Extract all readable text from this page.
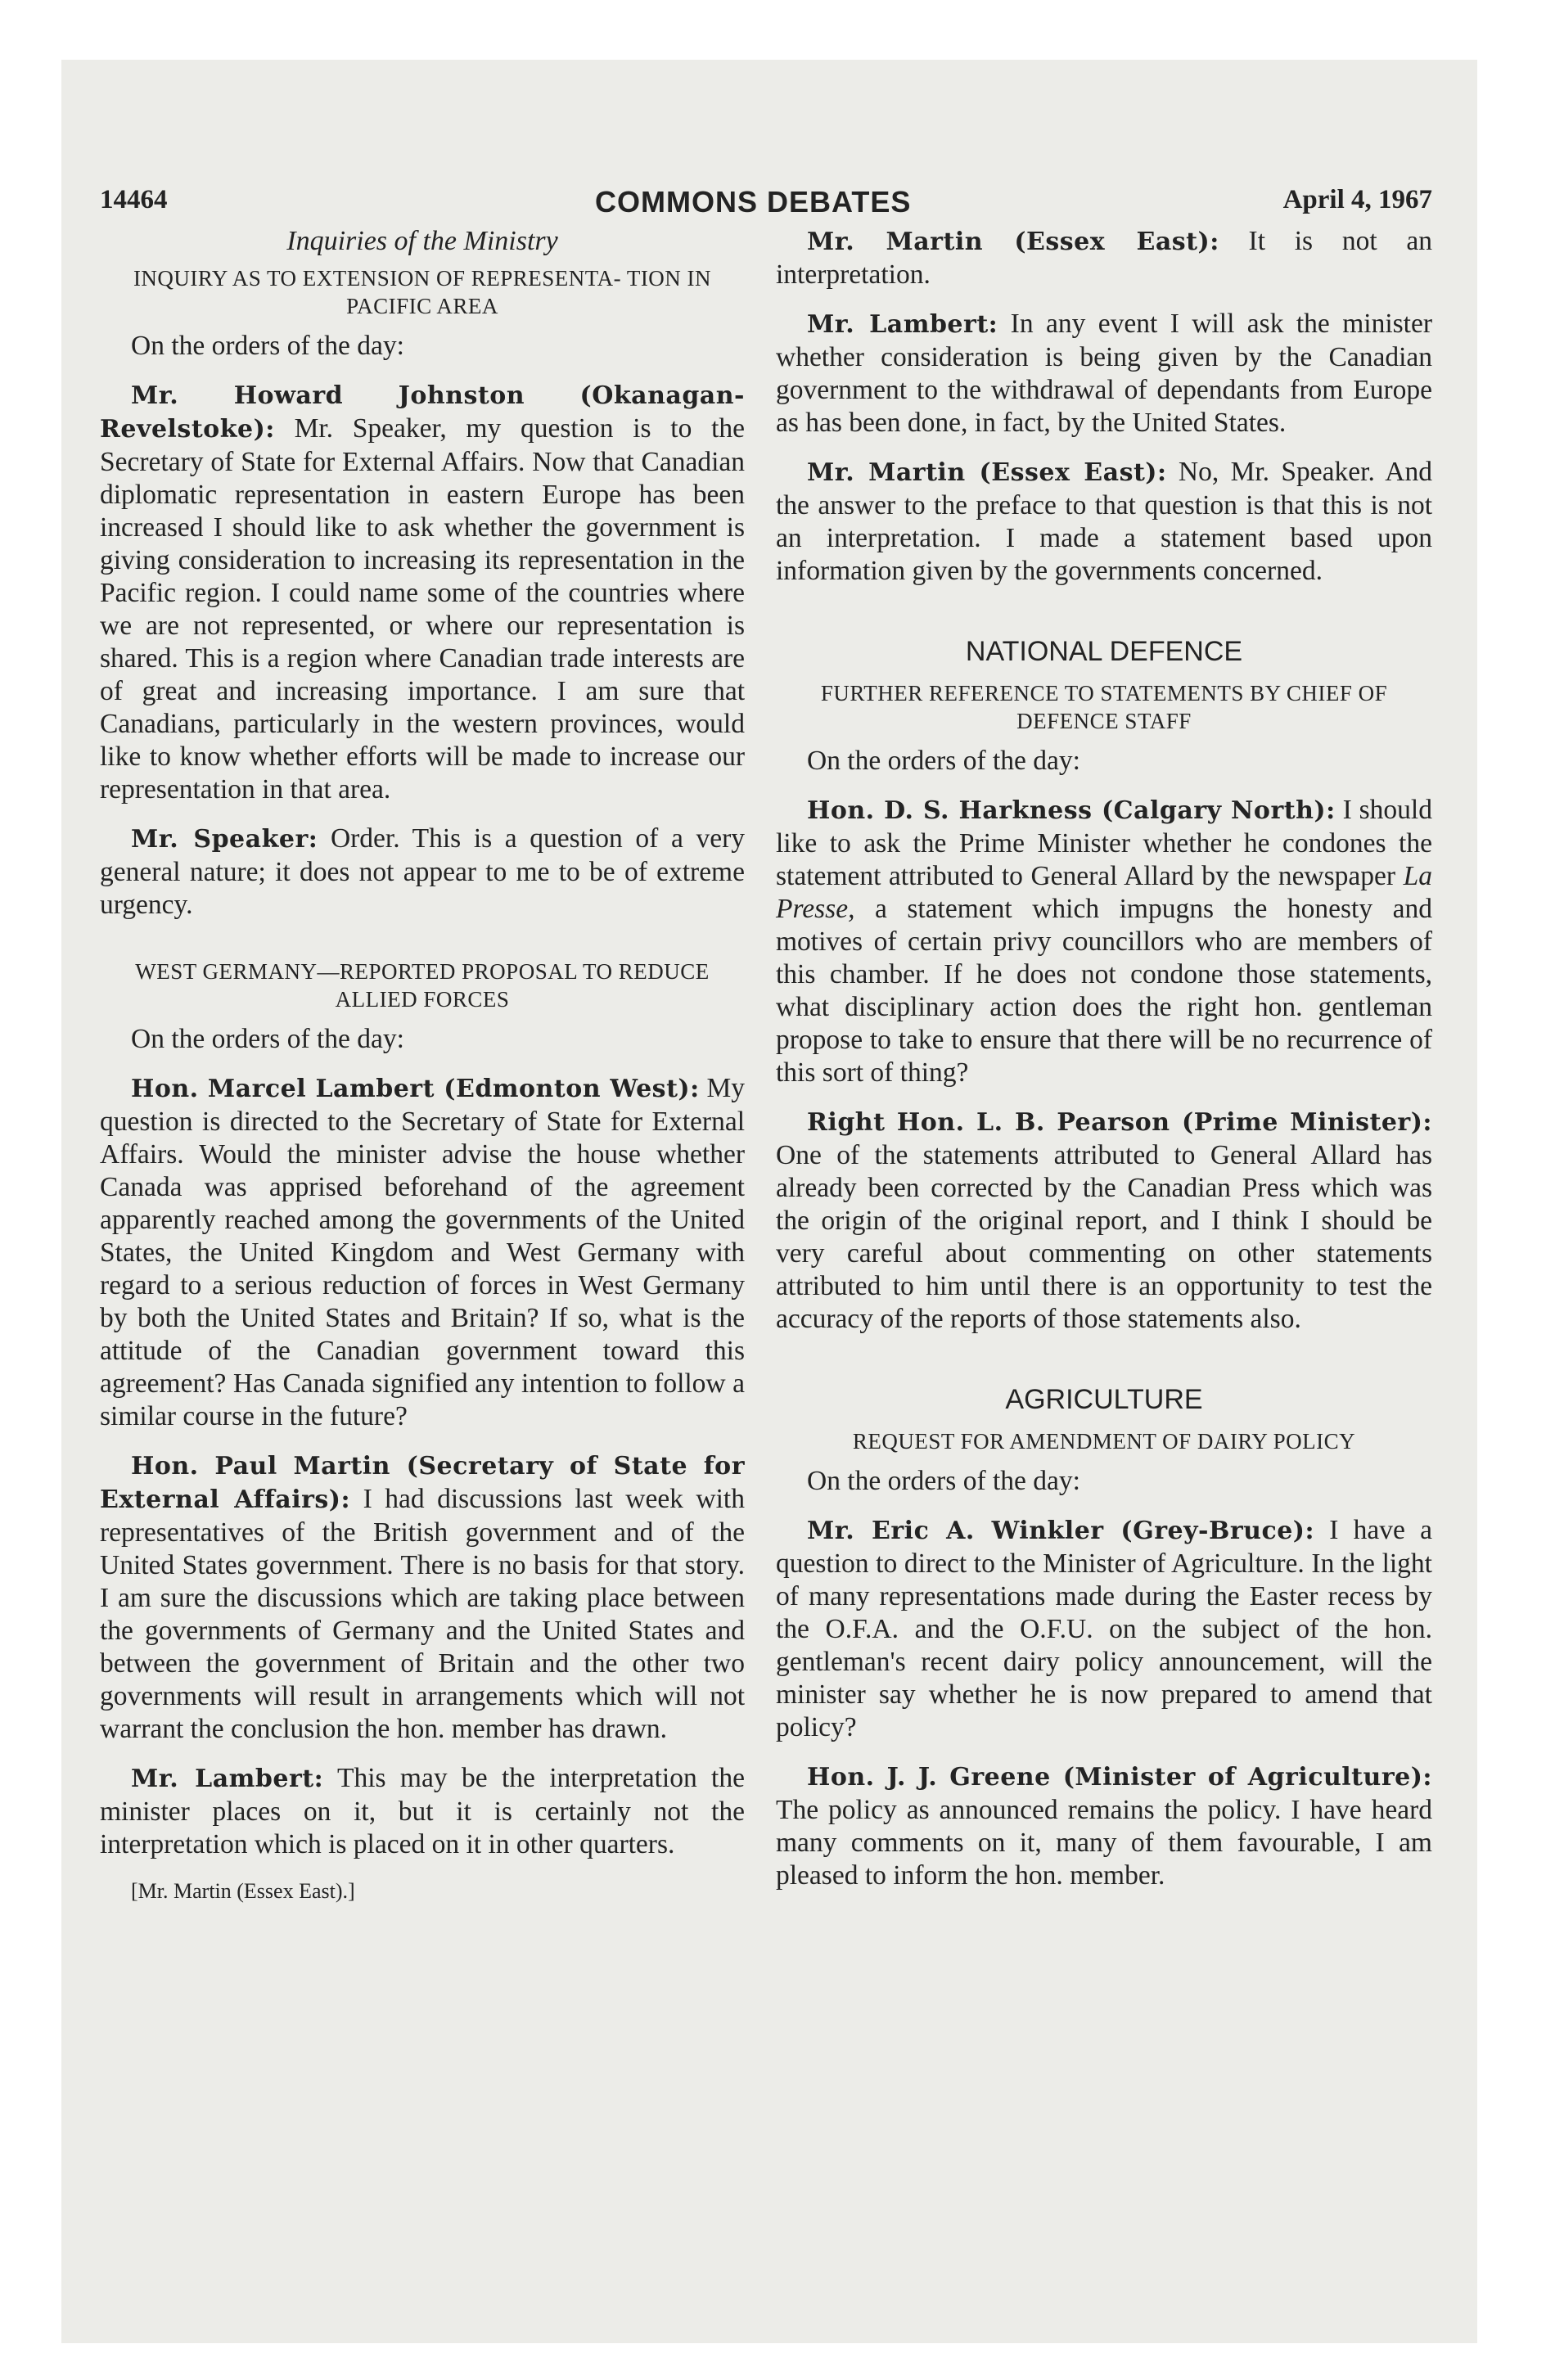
14464	COMMONS DEBATES	April 4, 1967
Inquiries of the Ministry
INQUIRY AS TO EXTENSION OF REPRESENTA- TION IN PACIFIC AREA

On the orders of the day:

Mr. Howard Johnston (Okanagan-Revelstoke): Mr. Speaker, my question is to the Secretary of State for External Affairs. Now that Canadian diplomatic representation in eastern Europe has been increased I should like to ask whether the government is giving consideration to increasing its representation in the Pacific region. I could name some of the countries where we are not represented, or where our representation is shared. This is a region where Canadian trade interests are of great and increasing importance. I am sure that Canadians, particularly in the western provinces, would like to know whether efforts will be made to increase our representation in that area.

Mr. Speaker: Order. This is a question of a very general nature; it does not appear to me to be of extreme urgency.

WEST GERMANY—REPORTED PROPOSAL TO REDUCE ALLIED FORCES

On the orders of the day:

Hon. Marcel Lambert (Edmonton West): My question is directed to the Secretary of State for External Affairs. Would the minister advise the house whether Canada was apprised beforehand of the agreement apparently reached among the governments of the United States, the United Kingdom and West Germany with regard to a serious reduction of forces in West Germany by both the United States and Britain? If so, what is the attitude of the Canadian government toward this agreement? Has Canada signified any intention to follow a similar course in the future?

Hon. Paul Martin (Secretary of State for External Affairs): I had discussions last week with representatives of the British government and of the United States government. There is no basis for that story. I am sure the discussions which are taking place between the governments of Germany and the United States and between the government of Britain and the other two governments will result in arrangements which will not warrant the conclusion the hon. member has drawn.

Mr. Lambert: This may be the interpretation the minister places on it, but it is certainly not the interpretation which is placed on it in other quarters.

[Mr. Martin (Essex East).]

Mr. Martin (Essex East): It is not an interpretation.

Mr. Lambert: In any event I will ask the minister whether consideration is being given by the Canadian government to the withdrawal of dependants from Europe as has been done, in fact, by the United States.

Mr. Martin (Essex East): No, Mr. Speaker. And the answer to the preface to that question is that this is not an interpretation. I made a statement based upon information given by the governments concerned.

NATIONAL DEFENCE
FURTHER REFERENCE TO STATEMENTS BY CHIEF OF DEFENCE STAFF

On the orders of the day:

Hon. D. S. Harkness (Calgary North): I should like to ask the Prime Minister whether he condones the statement attributed to General Allard by the newspaper La Presse, a statement which impugns the honesty and motives of certain privy councillors who are members of this chamber. If he does not condone those statements, what disciplinary action does the right hon. gentleman propose to take to ensure that there will be no recurrence of this sort of thing?

Right Hon. L. B. Pearson (Prime Minister): One of the statements attributed to General Allard has already been corrected by the Canadian Press which was the origin of the original report, and I think I should be very careful about commenting on other statements attributed to him until there is an opportunity to test the accuracy of the reports of those statements also.

AGRICULTURE
REQUEST FOR AMENDMENT OF DAIRY POLICY

On the orders of the day:

Mr. Eric A. Winkler (Grey-Bruce): I have a question to direct to the Minister of Agriculture. In the light of many representations made during the Easter recess by the O.F.A. and the O.F.U. on the subject of the hon. gentleman's recent dairy policy announcement, will the minister say whether he is now prepared to amend that policy?

Hon. J. J. Greene (Minister of Agriculture): The policy as announced remains the policy. I have heard many comments on it, many of them favourable, I am pleased to inform the hon. member.
